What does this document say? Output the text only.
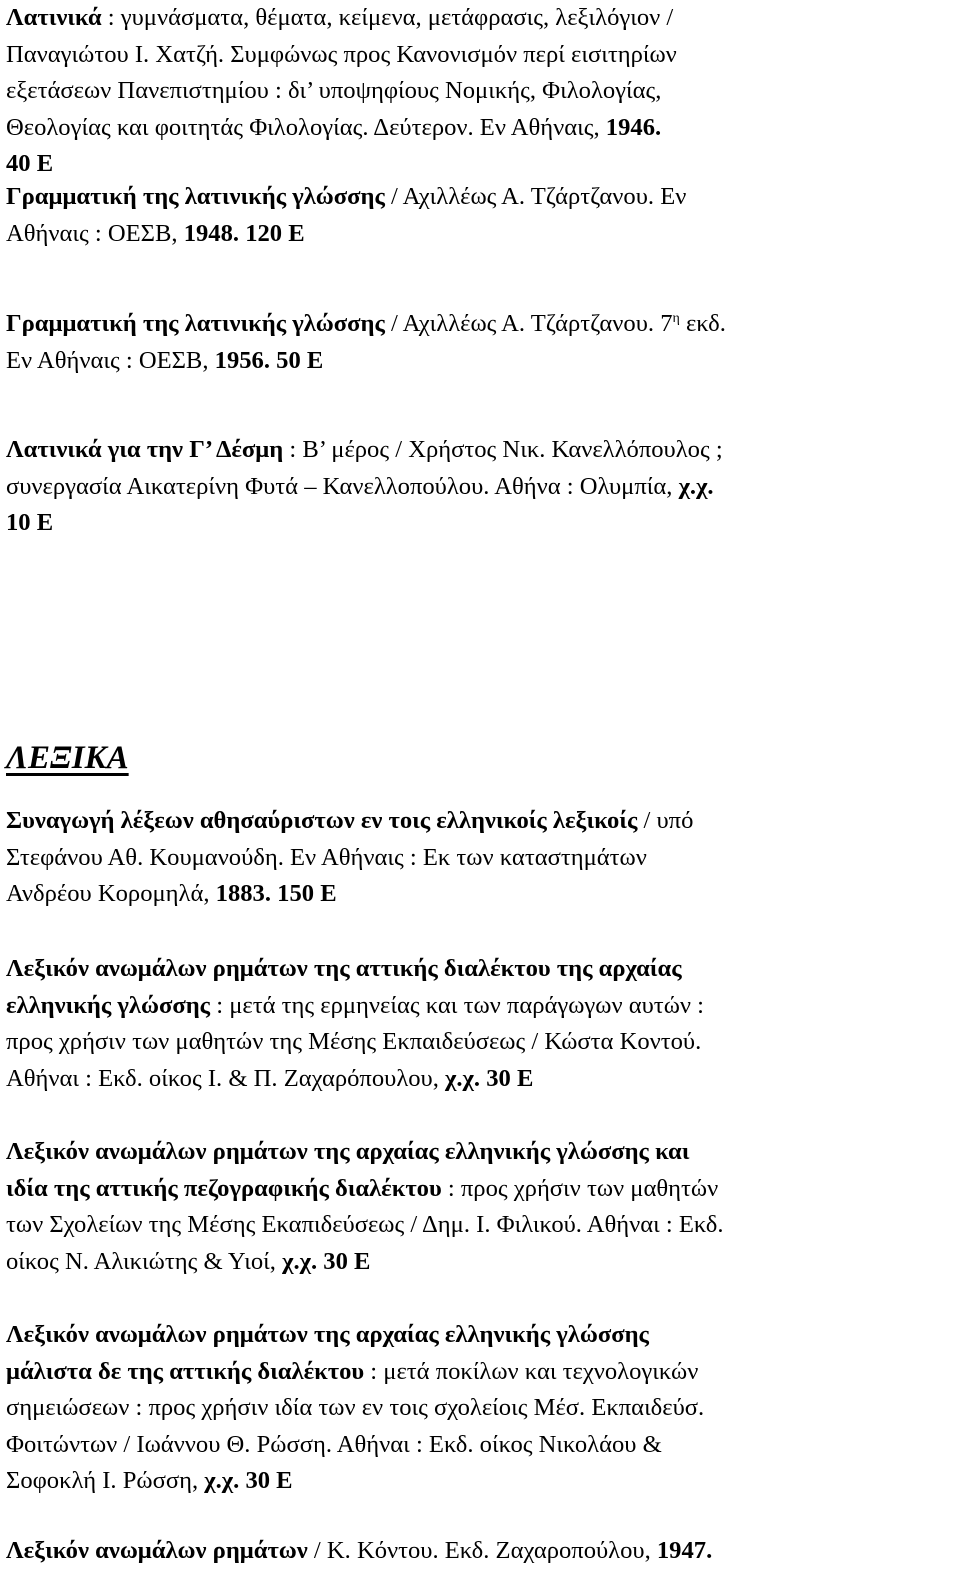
Λατινικά : γυμνάσματα, θέματα, κείμενα, μετάφρασις, λεξιλόγιον /
Παναγιώτου Ι. Χατζή. Συμφώνως προς Κανονισμόν περί εισιτηρίων
εξετάσεων Πανεπιστημίου : δι’ υποψηφίους Νομικής, Φιλολογίας,
Θεολογίας και φοιτητάς Φιλολογίας. Δεύτερον. Εν Αθήναις, 1946.
40 Ε
Γραμματική της λατινικής γλώσσης / Αχιλλέως Α. Τζάρτζανου. Εν
Αθήναις : ΟΕΣΒ, 1948. 120 Ε
Γραμματική της λατινικής γλώσσης / Αχιλλέως Α. Τζάρτζανου. $7^\eta$ εκδ.
Εν Αθήναις : ΟΕΣΒ, 1956. 50 Ε
Λατινικά για την Γ’ Δέσμη : Β’ μέρος / Χρήστος Νικ. Κανελλόπουλος ;
συνεργασία Αικατερίνη Φυτά – Κανελλοπούλου. Αθήνα : Ολυμπία, χ.χ.
10 Ε
ΛΕΞΙΚΑ
Συναγωγή λέξεων αθησαύριστων εν τοις ελληνικοίς λεξικοίς / υπό
Στεφάνου Αθ. Κουμανούδη. Εν Αθήναις : Εκ των καταστημάτων
Ανδρέου Κορομηλά, 1883. 150 Ε
Λεξικόν ανωμάλων ρημάτων της αττικής διαλέκτου της αρχαίας
ελληνικής γλώσσης : μετά της ερμηνείας και των παράγωγων αυτών :
προς χρήσιν των μαθητών της Μέσης Εκπαιδεύσεως / Κώστα Κοντού.
Αθήναι : Εκδ. οίκος Ι. & Π. Ζαχαρόπουλου, χ.χ. 30 Ε
Λεξικόν ανωμάλων ρημάτων της αρχαίας ελληνικής γλώσσης και
ιδία της αττικής πεζογραφικής διαλέκτου : προς χρήσιν των μαθητών
των Σχολείων της Μέσης Εκαπιδεύσεως / Δημ. Ι. Φιλικού. Αθήναι : Εκδ.
οίκος Ν. Αλικιώτης & Υιοί, χ.χ. 30 Ε
Λεξικόν ανωμάλων ρημάτων της αρχαίας ελληνικής γλώσσης
μάλιστα δε της αττικής διαλέκτου : μετά ποκίλων και τεχνολογικών
σημειώσεων : προς χρήσιν ιδία των εν τοις σχολείοις Μέσ. Εκπαιδεύσ.
Φοιτώντων / Ιωάννου Θ. Ρώσση. Αθήναι : Εκδ. οίκος Νικολάου &
Σοφοκλή Ι. Ρώσση, χ.χ. 30 Ε
Λεξικόν ανωμάλων ρημάτων / Κ. Κόντου. Εκδ. Ζαχαροπούλου, 1947.
